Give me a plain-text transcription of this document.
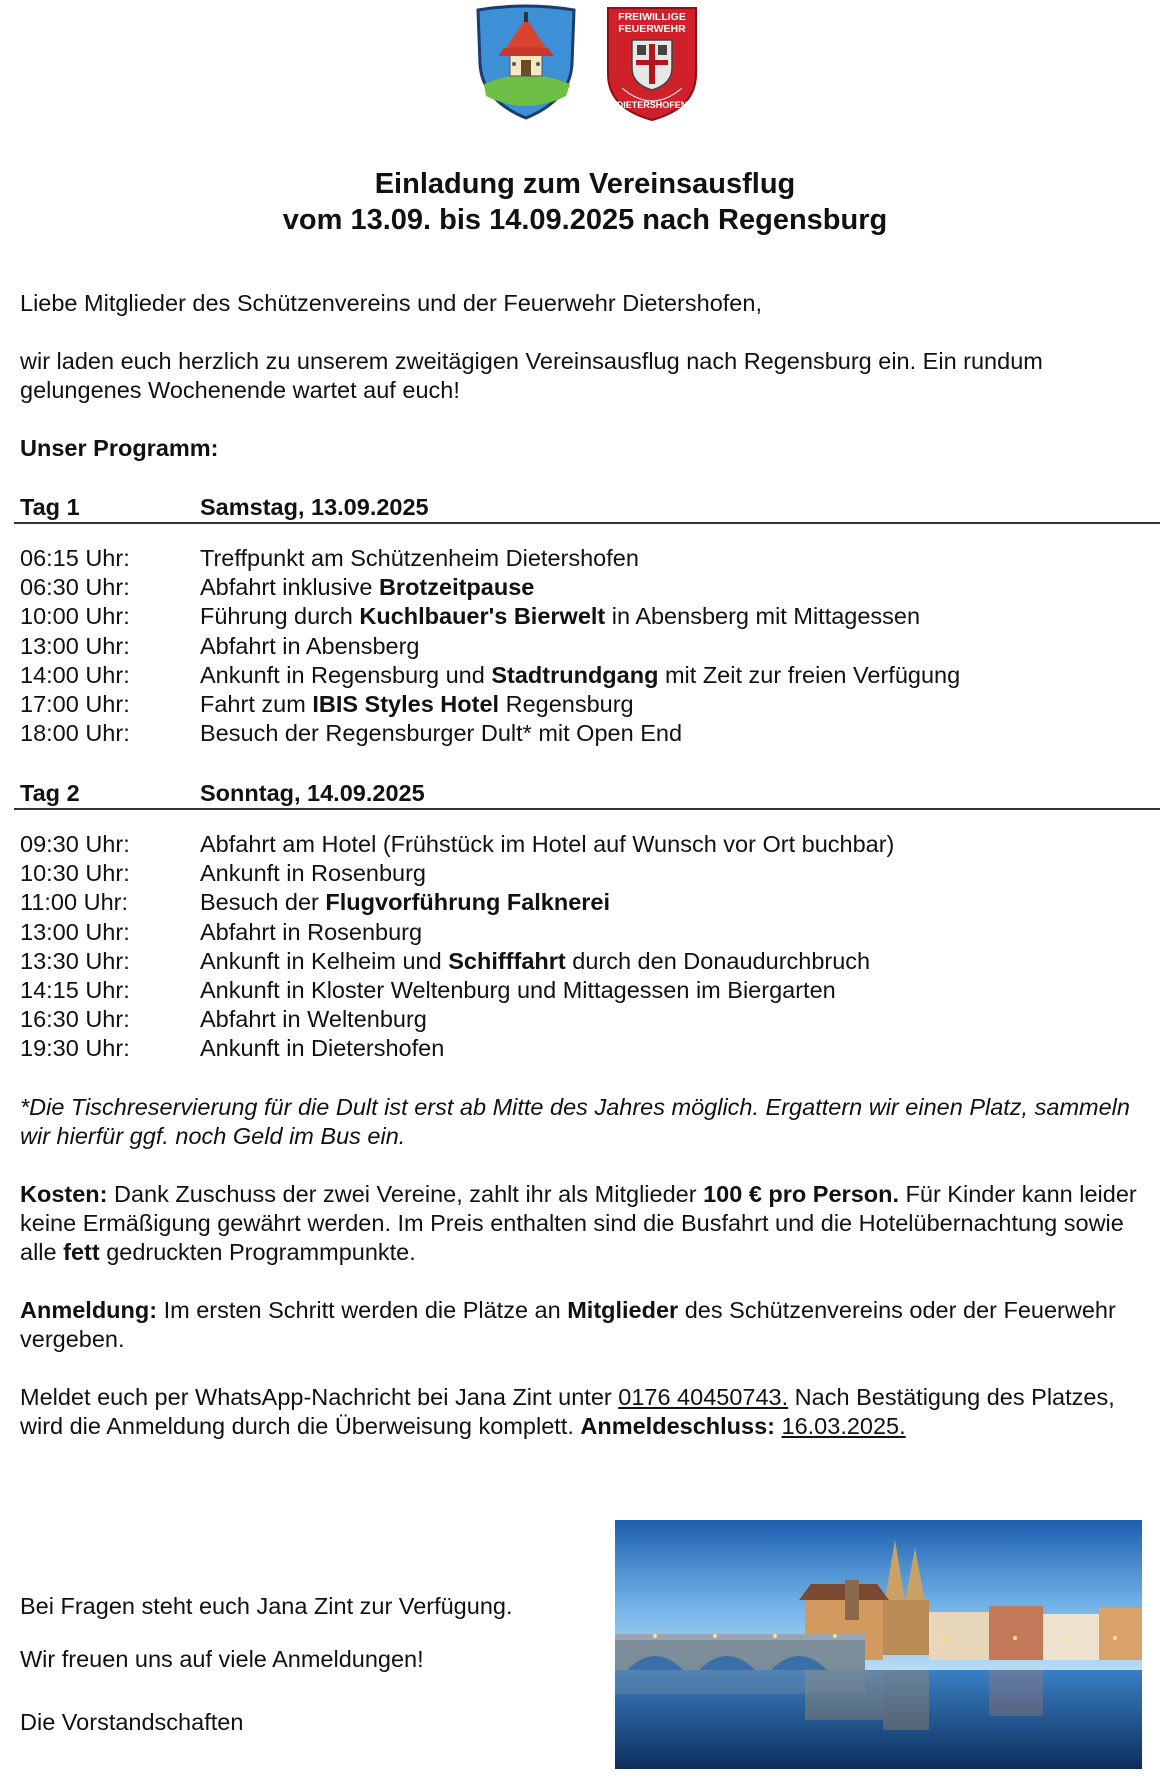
FREIWILLIGE
FEUERWEHR
DIETERSHOFEN
Einladung zum Vereinsausflug
vom 13.09. bis 14.09.2025 nach Regensburg
Liebe Mitglieder des Schützenvereins und der Feuerwehr Dietershofen,
wir laden euch herzlich zu unserem zweitägigen Vereinsausflug nach Regensburg ein. Ein rundum gelungenes Wochenende wartet auf euch!
Unser Programm:
Tag 1	Samstag, 13.09.2025
06:15 Uhr:	Treffpunkt am Schützenheim Dietershofen
06:30 Uhr:	Abfahrt inklusive Brotzeitpause
10:00 Uhr:	Führung durch Kuchlbauer's Bierwelt in Abensberg mit Mittagessen
13:00 Uhr:	Abfahrt in Abensberg
14:00 Uhr:	Ankunft in Regensburg und Stadtrundgang mit Zeit zur freien Verfügung
17:00 Uhr:	Fahrt zum IBIS Styles Hotel Regensburg
18:00 Uhr:	Besuch der Regensburger Dult* mit Open End
Tag 2	Sonntag, 14.09.2025
09:30 Uhr:	Abfahrt am Hotel (Frühstück im Hotel auf Wunsch vor Ort buchbar)
10:30 Uhr:	Ankunft in Rosenburg
11:00 Uhr:	Besuch der Flugvorführung Falknerei
13:00 Uhr:	Abfahrt in Rosenburg
13:30 Uhr:	Ankunft in Kelheim und Schifffahrt durch den Donaudurchbruch
14:15 Uhr:	Ankunft in Kloster Weltenburg und Mittagessen im Biergarten
16:30 Uhr:	Abfahrt in Weltenburg
19:30 Uhr:	Ankunft in Dietershofen
*Die Tischreservierung für die Dult ist erst ab Mitte des Jahres möglich. Ergattern wir einen Platz, sammeln wir hierfür ggf. noch Geld im Bus ein.
Kosten: Dank Zuschuss der zwei Vereine, zahlt ihr als Mitglieder 100 € pro Person. Für Kinder kann leider keine Ermäßigung gewährt werden. Im Preis enthalten sind die Busfahrt und die Hotelübernachtung sowie alle fett gedruckten Programmpunkte.
Anmeldung: Im ersten Schritt werden die Plätze an Mitglieder des Schützenvereins oder der Feuerwehr vergeben.
Meldet euch per WhatsApp-Nachricht bei Jana Zint unter 0176 40450743. Nach Bestätigung des Platzes, wird die Anmeldung durch die Überweisung komplett. Anmeldeschluss: 16.03.2025.
Bei Fragen steht euch Jana Zint zur Verfügung.
Wir freuen uns auf viele Anmeldungen!
Die Vorstandschaften
